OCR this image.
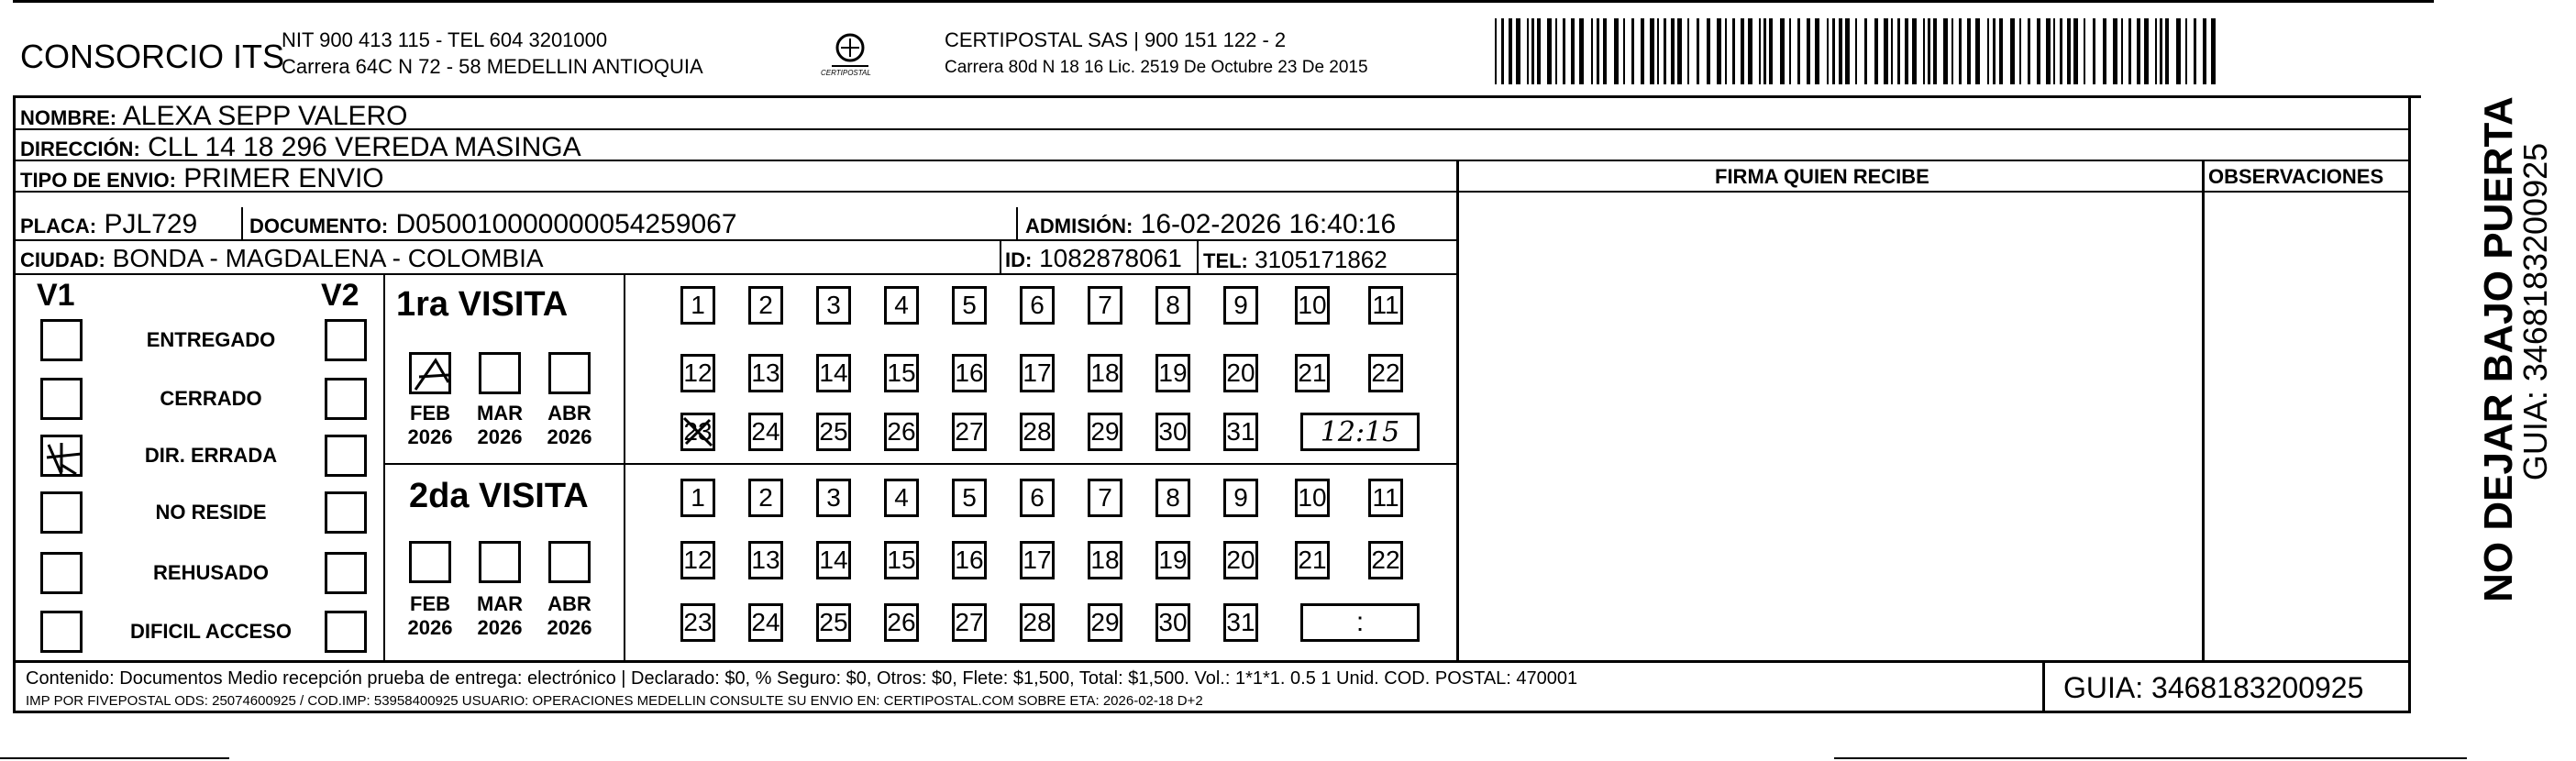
CONSORCIO ITS
NIT 900 413 115 - TEL 604 3201000
Carrera 64C N 72 - 58 MEDELLIN ANTIOQUIA	CERTIPOSTAL
CERTIPOSTAL SAS | 900 151 122 - 2
Carrera 80d N 18 16 Lic. 2519 De Octubre 23 De 2015
NOMBRE: ALEXA SEPP VALERO
DIRECCIÓN: CLL 14 18 296 VEREDA MASINGA
TIPO DE ENVIO: PRIMER ENVIO	FIRMA QUIEN RECIBE	OBSERVACIONES
PLACA: PJL729	DOCUMENTO: D050010000000054259067	ADMISIÓN: 16-02-2026 16:40:16
CIUDAD: BONDA - MAGDALENA - COLOMBIA	ID: 1082878061 TEL: 3105171862
V1	V2
ENTREGADO
CERRADO
DIR. ERRADA
NO RESIDE
REHUSADO
DIFICIL ACCESO
1ra VISITA
FEB
2026
MAR
2026
ABR
2026
1 2 3 4 5 6 7 8 9 10 11
12 13 14 15 16 17 18 19 20 21 22
23 24 25 26 27 28 29 30 31	12:15
2da VISITA
FEB
2026
MAR
2026
ABR
2026
1 2 3 4 5 6 7 8 9 10 11
12 13 14 15 16 17 18 19 20 21 22
23 24 25 26 27 28 29 30 31	:
NO DEJAR BAJO PUERTA
GUIA: 3468183200925
Contenido: Documentos Medio recepción prueba de entrega: electrónico | Declarado: $0, % Seguro: $0, Otros: $0, Flete: $1,500, Total: $1,500. Vol.: 1*1*1. 0.5 1 Unid. COD. POSTAL: 470001
IMP POR FIVEPOSTAL ODS: 25074600925 / COD.IMP: 53958400925 USUARIO: OPERACIONES MEDELLIN CONSULTE SU ENVIO EN: CERTIPOSTAL.COM SOBRE ETA: 2026-02-18 D+2	GUIA: 3468183200925
